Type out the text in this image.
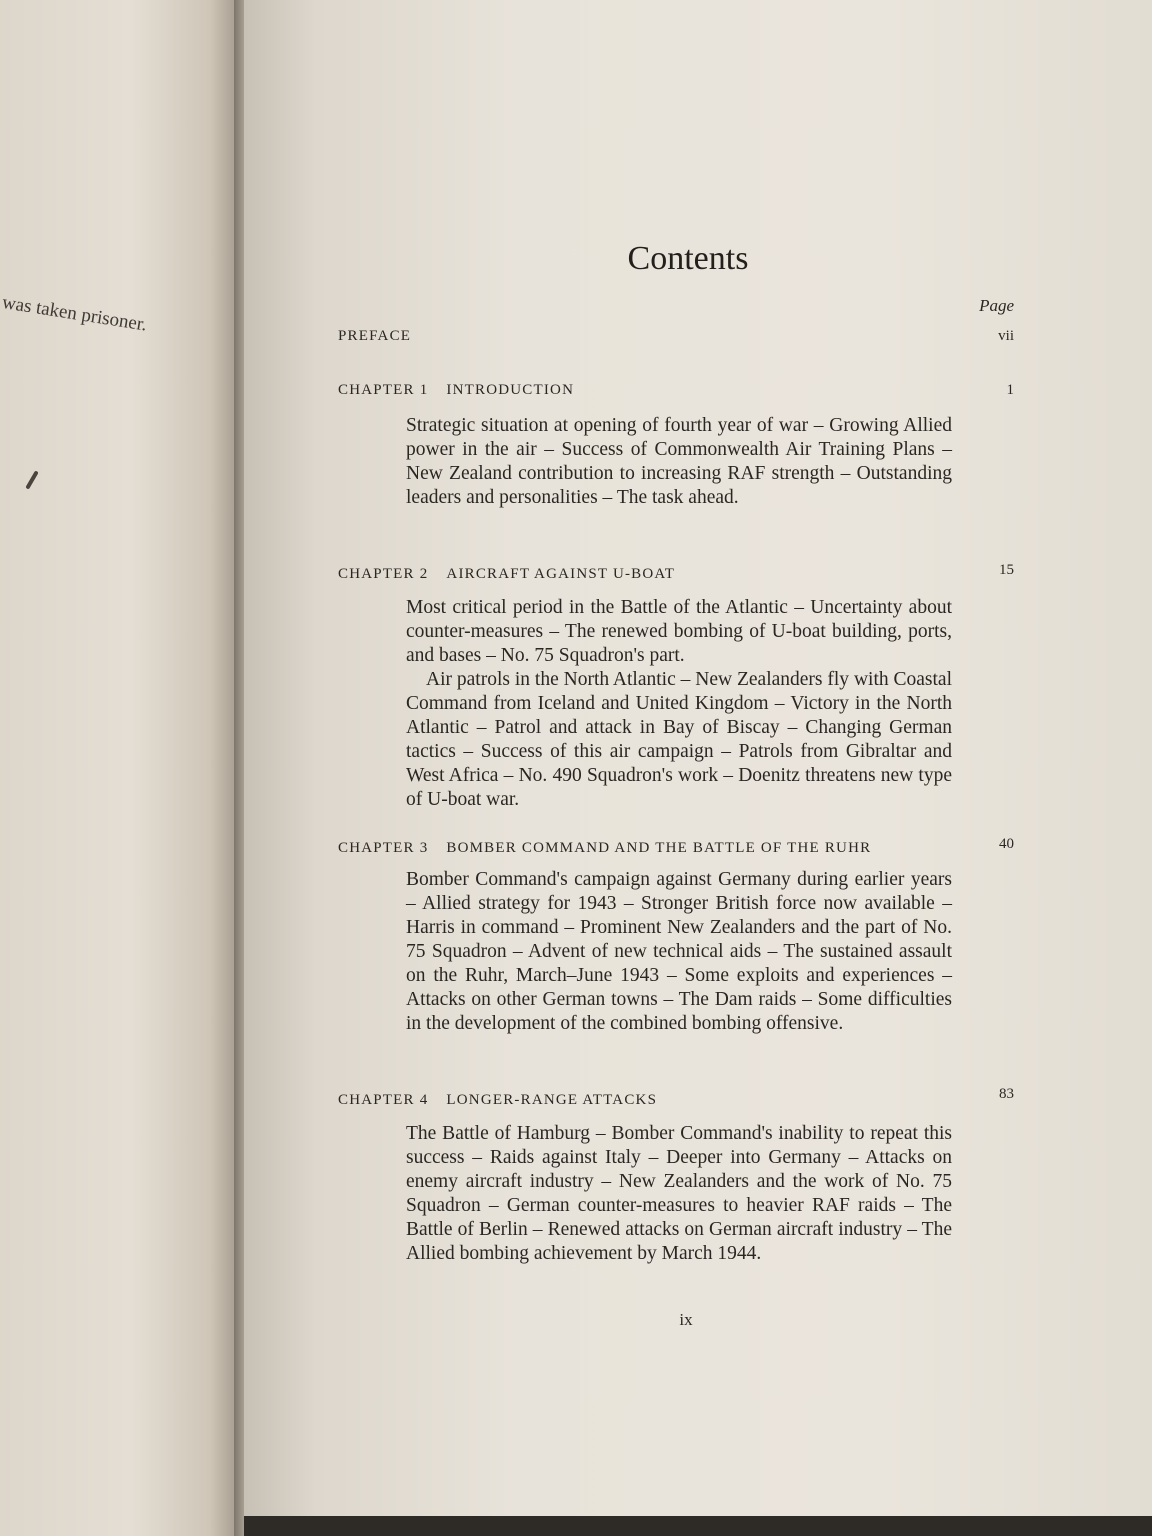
was taken prisoner.
Contents
Page
PREFACE	vii
CHAPTER 1 INTRODUCTION	1

Strategic situation at opening of fourth year of war – Growing Allied power in the air – Success of Commonwealth Air Training Plans – New Zealand contribution to increasing RAF strength – Outstanding leaders and personalities – The task ahead.

CHAPTER 2 AIRCRAFT AGAINST U-BOAT	15

Most critical period in the Battle of the Atlantic – Uncertainty about counter-measures – The renewed bombing of U-boat building, ports, and bases – No. 75 Squadron's part.

Air patrols in the North Atlantic – New Zealanders fly with Coastal Command from Iceland and United Kingdom – Victory in the North Atlantic – Patrol and attack in Bay of Biscay – Changing German tactics – Success of this air campaign – Patrols from Gibraltar and West Africa – No. 490 Squadron's work – Doenitz threatens new type of U-boat war.

CHAPTER 3 BOMBER COMMAND AND THE BATTLE OF THE RUHR	40

Bomber Command's campaign against Germany during earlier years – Allied strategy for 1943 – Stronger British force now available – Harris in command – Prominent New Zealanders and the part of No. 75 Squadron – Advent of new technical aids – The sustained assault on the Ruhr, March–June 1943 – Some exploits and experiences – Attacks on other German towns – The Dam raids – Some difficulties in the development of the combined bombing offensive.

CHAPTER 4 LONGER-RANGE ATTACKS	83

The Battle of Hamburg – Bomber Command's inability to repeat this success – Raids against Italy – Deeper into Germany – Attacks on enemy aircraft industry – New Zealanders and the work of No. 75 Squadron – German counter-measures to heavier RAF raids – The Battle of Berlin – Renewed attacks on German aircraft industry – The Allied bombing achievement by March 1944.

ix
